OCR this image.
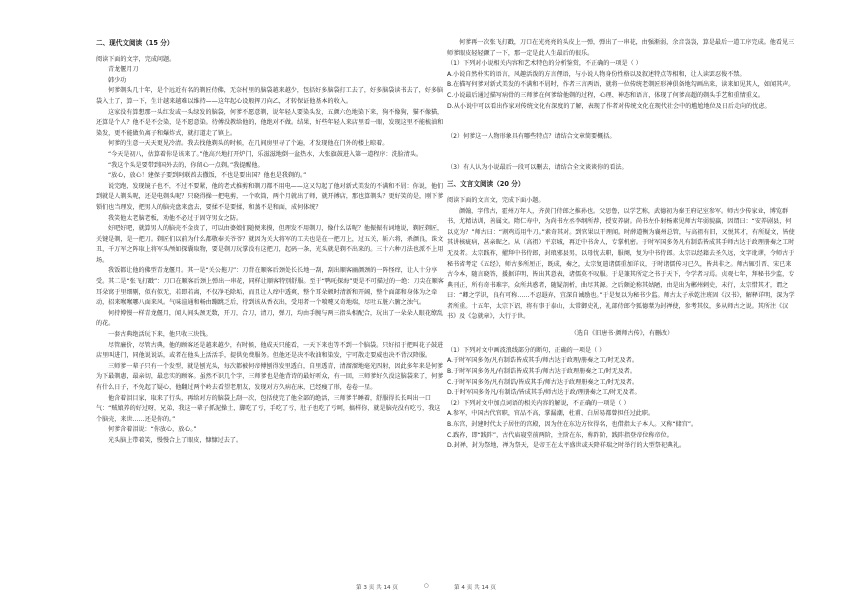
二、现代文阅读（15 分）

阅读下面的文字，完成问题。

青龙偃月刀

韩少功

何爹剃头几十年，是个远近有名的剃匠侍佛，无奈村里的脑袋越来越少，包括好多脑袋打工去了，好多脑袋读书去了，好多脑袋入土了，算一下，生计越来越难以维持——这年起心设般挥刀向乙，才转保证他基本的收入。

这家没有算想那一头红发或一头绿发的脑袋，何爹不愿意剃，说年轻人要染头发，五颜六色地染下来，狗不像狗，猫不像猫，还算是个人？他不是不会染，是不愿意染。待傅没教给他的，他绝对不做。结果，好些年轻人来店里看一眼，发现这里不能梳油和染发，更不能做负离子和爆炸式，就打道走了镇上。

何爹的生意一天天更见冷清。我去找他剃头的时候，在几间房里寻了个遍，才发现他在门外的楼上晾着。

“今天是初八，估算着你是该来了。”他高兴地打开炉门，乐滋滋地倒一盆热水，大张旗鼓进入第一道程序：洗脸清头。

“我这个头是要带到国外去的，你留心一点剃。”我提醒他。

“放心，放心！建保子要到阿联酋去撒饭，不也是要出国？他也是我剃的。”

说完跑，发现镜子也不，不过不要紧，他的老式推剪和剃刀都不用电——这又勾起了他对新式美发的不满和不屑：你说，他们到就是人剃头呢，还是电剃头呢？只晓得操一把电剪，一个吹筒，两个月就出了师，就开搏店，那也算剃头？更好笑的是，刚下爹锁们也当理发，把男人的脑壳盘来盘去，要揉不是要揉，和蒸不是和面，成何体统？

我笑他太老脑老板，劝他不必过于固守男女之防。

好吧好吧，就算男人的脑壳不金贵了，可以由婆娘们随便来摸，但理发不用剃刀，像什么话呢？他振振有词地说，剃匠剃匠，关键是剃，是一把刀。剃匠们以前为什么都敬奉关爷爷？就因为关大将军的工夫也是在一把刀上，过五关，斩六将，杀颜良，诛文丑，千万军之阵取上将军头颅如探囊取物，要是剃刀玩掌没有这把刀，起码一条，光头就是剃不出来的。三十六种刀法也派不上用场。

我饭都让他的佛型青龙偃月。其一是“关公拖刀”：刀背在顺客后颈处长长地一刮，刮出顺客幽颜颈的一阵怪痒，让人十分享受。其二是“张飞打戳”：刀口在顺客后颈上弹出一串花，同样让顺客特别舒服。至于“鸭吒探海”更是不可描过的一绝：刀尖在顺客耳朵窝于里细剔，似有似无，若即若离，不仅净毛除垢，而且让人痒中透爽，整个耳朵顿时清新和开阔，整个面部和身体为之牵动，招来喉喉哪八面来风。气味渲通和畅由蹦跳乏后，待到该从香衣出，受用者一个喷嚏又奇地端，尽吐五脏六腑之浊气。

何持博慢一样青龙偃月，闻人间头颈无数，开刀，合刀，清刀，弹刀，均由手腕与两三指头相配合，玩出了一朵朵人眼花缭乱的花。

一套古典绝活玩下来，他只收三块钱。

尽管廉价，尽管古典，他的顾客还是越来越少，有时候，他成天只能看，一天下来也等不到一个脑袋。只好招于把叫花子鼓进店里叫进门，同他说说话，或者在他头上活活手，提供免费服务。但他还是决不收油和染发，宁可散走要威也决不背汉降服。

三师爹一辈子只有一个发型，就是刨光头，每次都被何帝傅刨得发里透白，自里透青，清溜溜地毫光四射，因此多年来是何爹为下最剃惠，最亲切，最忠实的顾客。虽然不识几个字，三师爹也是他背诗的最好听众，有一回，三师爹好久没这脑袋来了，何爹有什么日子，不免起了疑心，他翻过两个岭去看望老朋友，发现对方久病在床，已经瘦了形，卷卷一星。

他含着泪目家，取来了行头，再给对方的脑袋上刮一次，包括使完了他全部的绝活，三师爹半睡着，舒服得长长叫出一口气：“贼娘养的好过呀，兄弟，我这一辈子抓泥操土，脚吃了亏，手吃了亏，肚子也吃了亏呵，搞样你，就是脑壳没有吃亏，我这个脑壳，来世……还是你的。”

何爹含着泪说：“你放心，放心。”

光头脑上带着笑，慢慢合上了眼皮，慷慷过去了。

何爹再一次张飞打戳，刀口在光亮亮的头皮上一弹，弹出了一串花，由强渐弱，余音袅袅，算是最后一道工序完成。他看见三师爹眼皮轻轻颤了一下，那一定是此人生最后的很乐。

（1）下列对小说相关内容和艺术特色的分析鉴赏，不正确的一项是（ ）

A.小说自然朴实的语言，风趣活泼的方言俚语，与小说人物身份性格以及叙述特点等相和，让人读罢忍俊不禁。

B.在描写何爹对新式美发的不满和不屑时，作者三言两语，就将一位传统老剃匠形神俱备地勾画出来，读来如见其人，如闻其声。

C.小说最后通过描写病骨的三师爹在何爹给他剃的过程，心理、神态和语言，体现了何爹高超的剃头手艺和重情重义。

D.从小说中可以看出作家对传统文化有深度的了解，表现了作者对传统文化在现代社会中的尴尬地位及日后走向的忧虑。

（2）何爹这一人物形象具有哪些特点？请结合文章简要概括。

（3）有人认为小说最后一段可以删去，请结合全文谈谈你的看法。

三、文言文阅读（20 分）

阅读下面的文言文，完成下面小题。

颜翰，字伟古，霍州万年人，齐黄门侍郎之推孙也。父思鲁，以学艺称，武德初为秦王府记室参军。师古少传家业，博览群书，尤精诂训，善属文。隋仁寿中，为尚书左丞李纲所荐，授安养尉。尚书左仆射杨素见师古年弱貌赢，因谓曰：“安养剧县，何以克为？”师古曰：“割鸡焉用牛刀。”素奇其对。到官果以干理闻。时薛道衡为襄州总管，与高祖有旧，又悦其才，有所疑文，皆使其讲核疵病，甚亲昵之。从（高祖）平京城，再迁中书舍人，专掌机密。于时军国多务凡有制诰皆成其手师古达于政理册奏之工时无及者。太宗践祚，擢拜中书侍郎，封琅邪县男，以母忧去职，服阕，复为中书侍郎。太宗以经籍去圣久远，文字讹谬，令师古于秘书省考定《五经》，师古多所厘正，既成，奏之，太宗复遣诸儒重加详议，于时诸儒传习已久，皆共非之。师古辄引晋、宋已来古今本，随言晓答，援据详明，皆出其意表，诸儒莫不叹服。于是兼其所定之书于天下，令学者习焉。贞观七年，拜秘书少监，专典刊正，所有奇书难字，众所共惑者，随疑剖析，曲尽其源。之后颇论称其姑陋，由是出为郴州刺史，未行，太宗惜其才，谓之曰：“卿之学识，良有可称……不忍遐弃，宜深自诫励也。”于是复以为秘书少监。师古太子承乾注班固《汉书》，解释详明，深为学者所重。十五年，太宗下诏，将有事于泰山，太常御史礼，礼部侍郎令狐德棻为封禅使，参考其仪，多从师古之说。其所注《汉书》及《急就章》，大行于世。

（选自《旧唐书·颜师古传》，有删改）

（1）下列对文中画波浪线部分的断句，正确的一项是（ ）

A.于时军国多务/凡有制诰皆成其手/师古达于政理/册奏之工/时无及者。

B.于时军国多务凡/有制诰皆成其手/师古达于政理册奏之工/时无及者。

C.于时军国多务/凡有制诰/皆成其手/师古达于政理册奏之工/时无及者。

D.于时军国多务凡/有制诰/皆成其手/师古达于政/理册奏之工/时无及者。

（2）下列对文中加点词语的相关内容的解说，不正确的一项是（ ）

A.参军，中国古代官职，官品不高，掌漏潮，杜甫、白居易都曾担任过此职。

B.东宫，封建时代太子居住的宫殿，因为住在东边方位得名，也借指太子本人。又称“储宫”。

C.践祚，即“践阼”，古代庙寝堂前两阶，主阶在东，称阼阶，践阼指登帝位称帝位。

D.封禅，封为祭地，禅为祭天，是帝王在太平盛世或天降祥瑞之时举行的大型祭祀典礼。

第 3 页 共 14 页	○	第 4 页 共 14 页
